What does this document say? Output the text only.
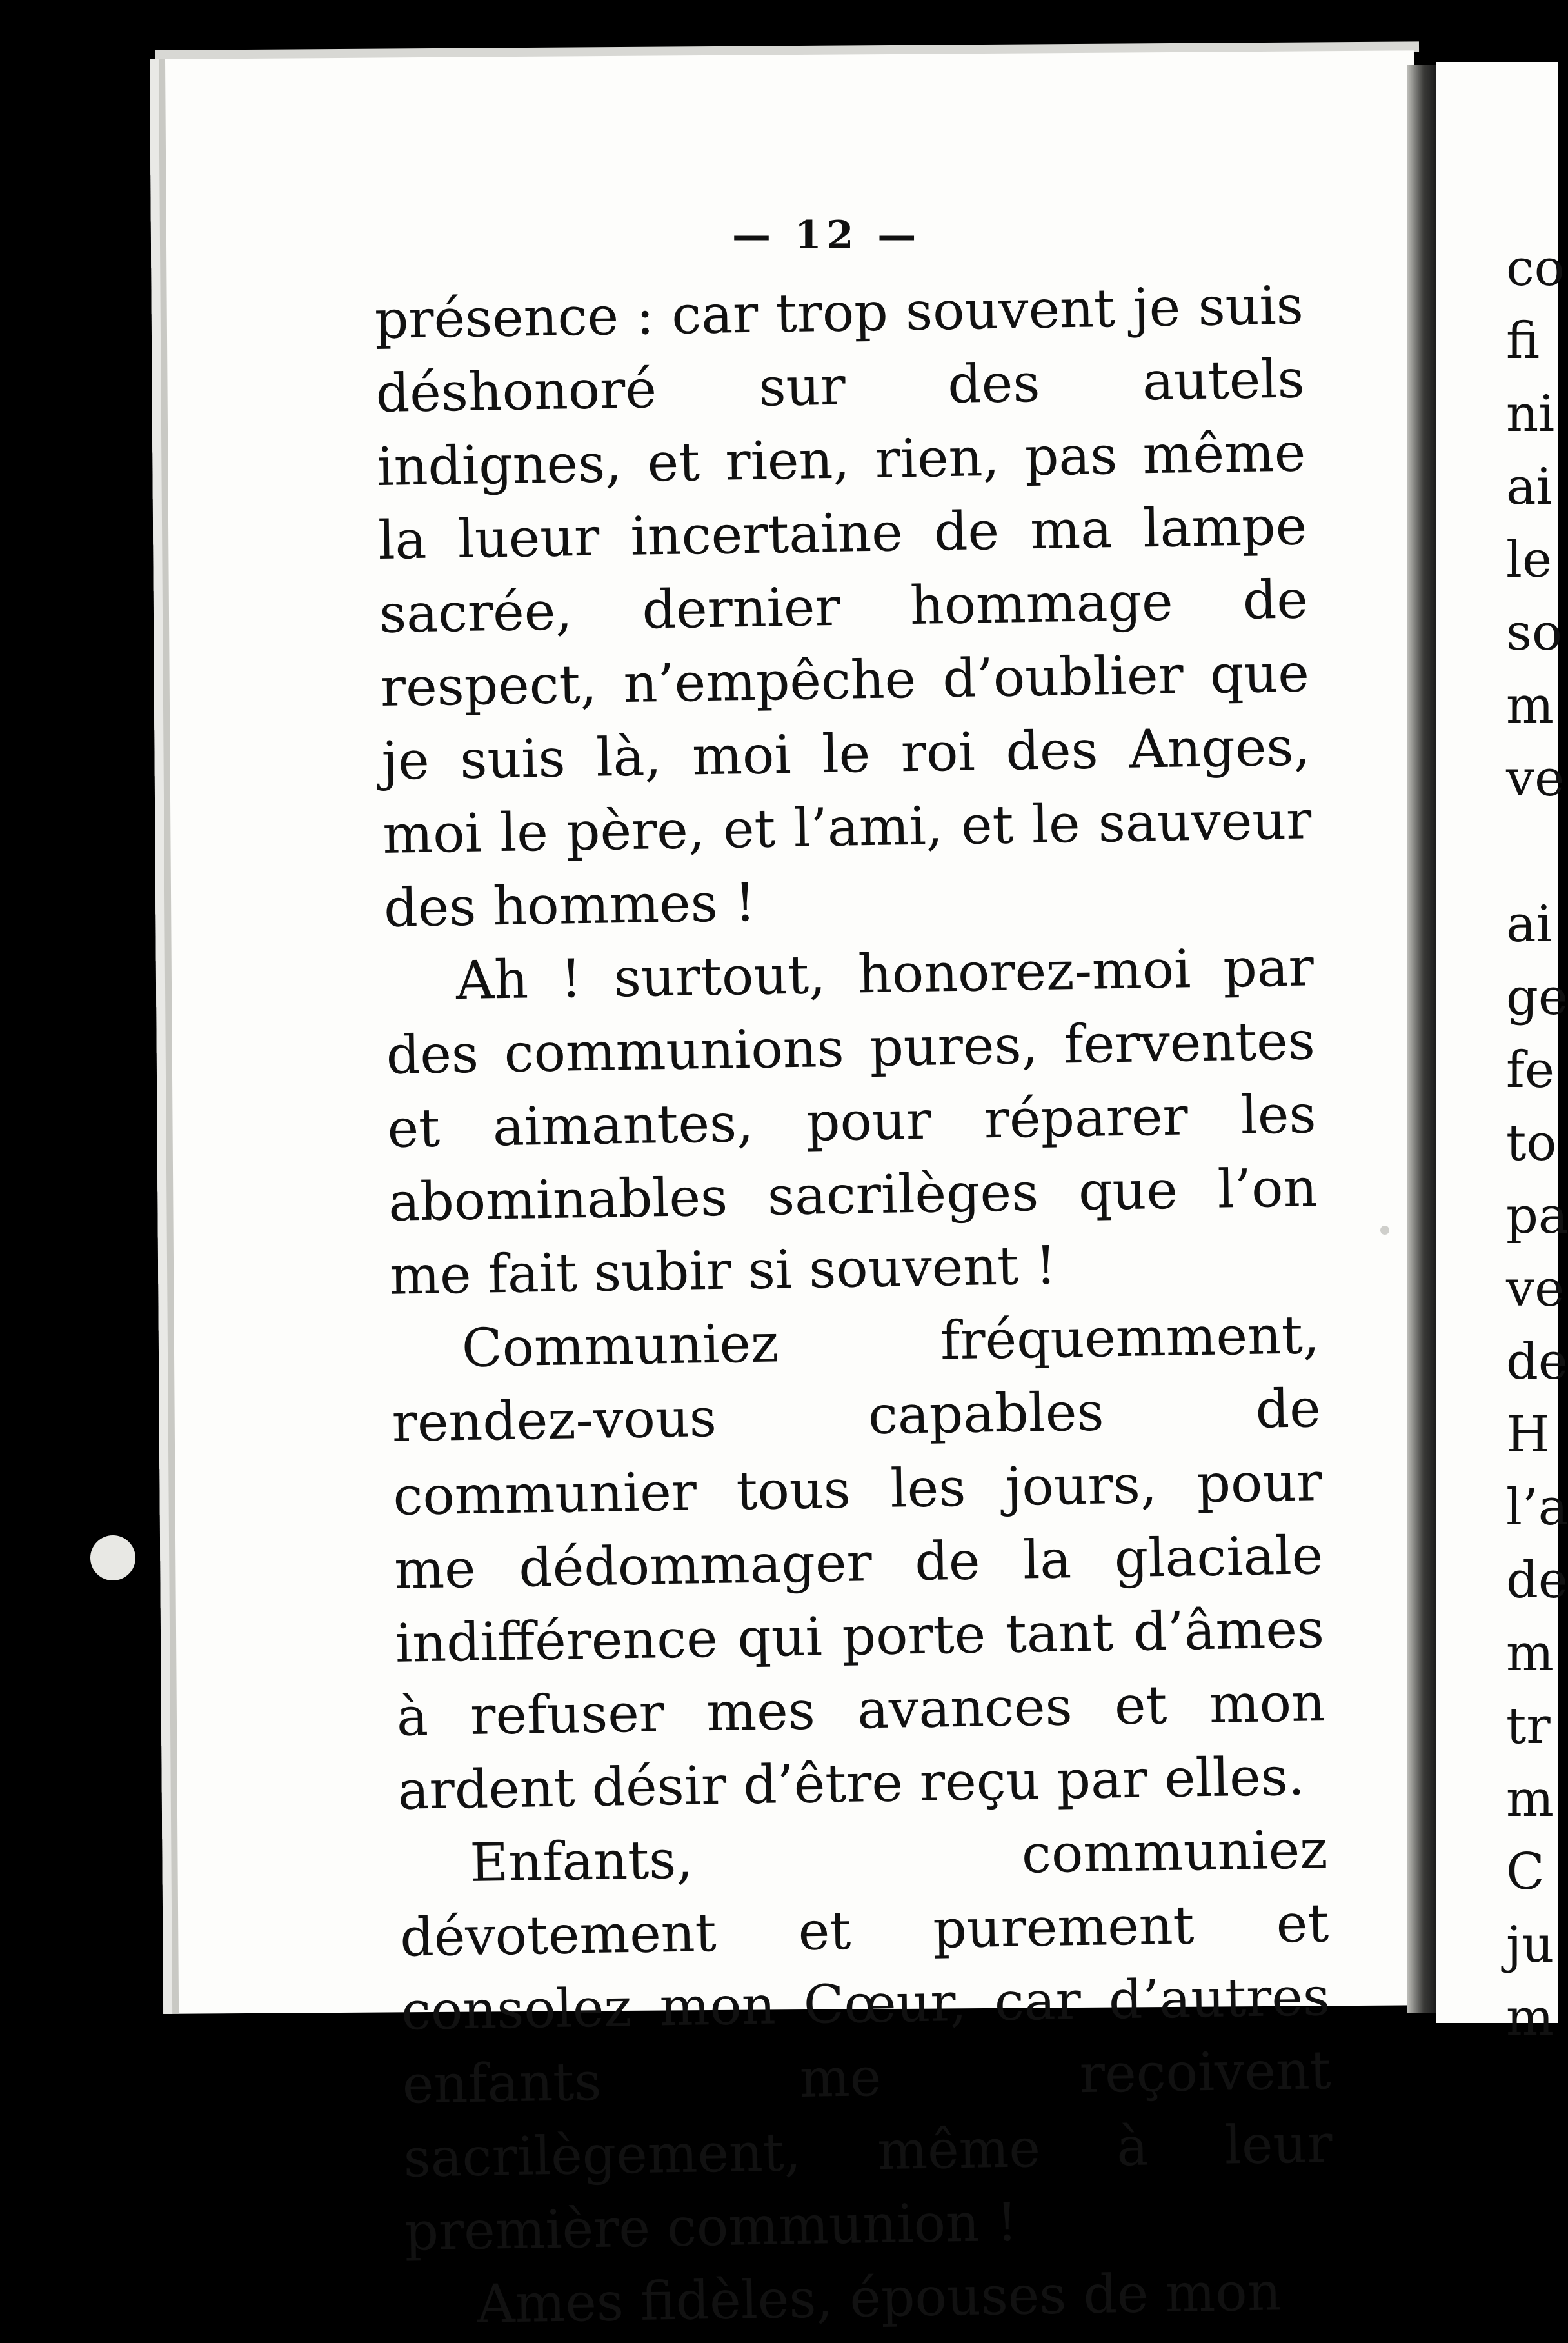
— 12 —

présence : car trop souvent je suis déshonoré sur des autels indignes, et rien, rien, pas même la lueur incertaine de ma lampe sacrée, dernier hommage de respect, n’empêche d’oublier que je suis là, moi le roi des Anges, moi le père, et l’ami, et le sauveur des hommes !

Ah ! surtout, honorez-moi par des communions pures, ferventes et aimantes, pour réparer les abominables sacrilèges que l’on me fait subir si souvent !

Communiez fréquemment, rendez-vous capables de communier tous les jours, pour me dédommager de la glaciale indifférence qui porte tant d’âmes à refuser mes avances et mon ardent désir d’être reçu par elles.

Enfants, communiez dévotement et purement et consolez mon Cœur, car d’autres enfants me reçoivent sacrilègement, même à leur première communion !

Ames fidèles, épouses de mon

co
fi
ni
ai
le
so
m
ve
ai
ge
fe
to
pa
ve
de
H
l’a
de
m
tr
m
C
ju
m
